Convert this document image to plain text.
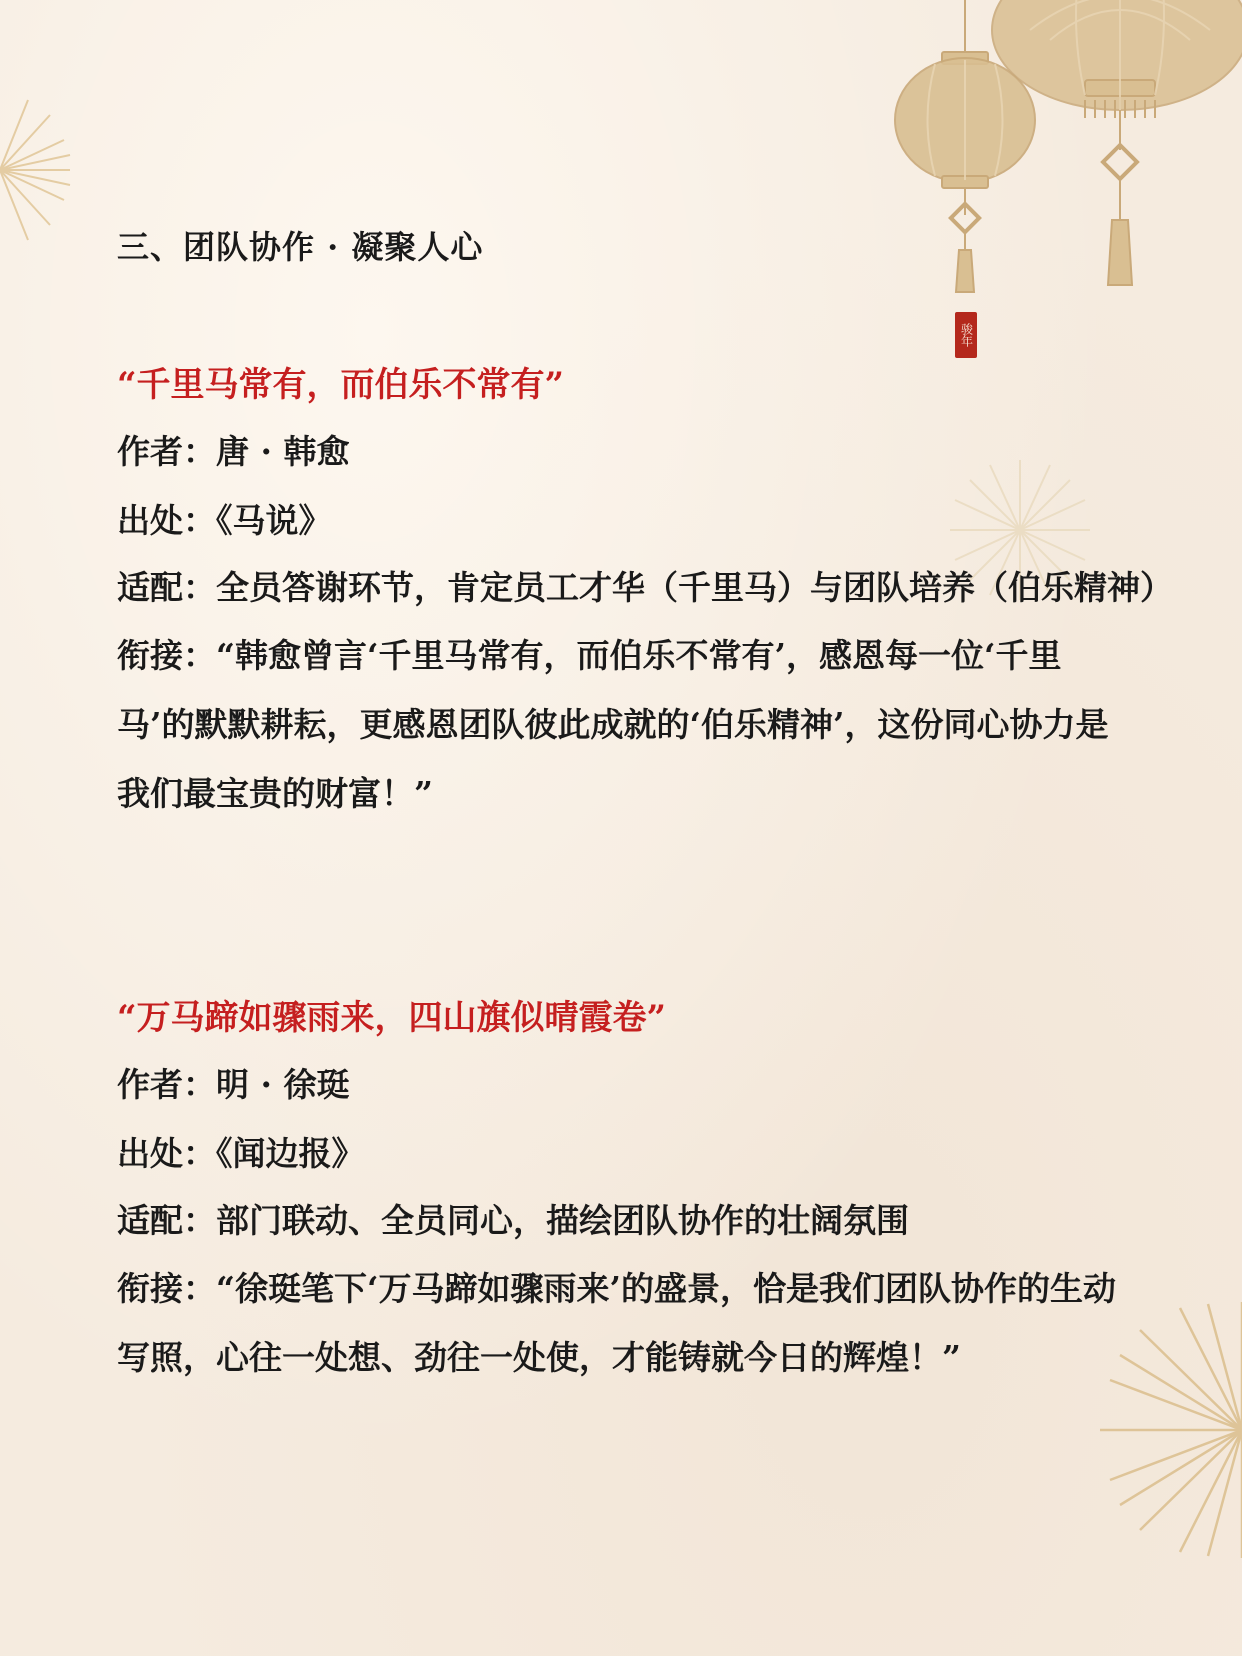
骏年
三、团队协作 · 凝聚人心
“千里马常有，而伯乐不常有”
作者：唐 · 韩愈
出处：《马说》
适配：全员答谢环节，肯定员工才华（千里马）与团队培养（伯乐精神）
衔接：“韩愈曾言‘千里马常有，而伯乐不常有’，感恩每一位‘千里马’的默默耕耘，更感恩团队彼此成就的‘伯乐精神’，这份同心协力是我们最宝贵的财富！”
“万马蹄如骤雨来，四山旗似晴霞卷”
作者：明 · 徐珽
出处：《闻边报》
适配：部门联动、全员同心，描绘团队协作的壮阔氛围
衔接：“徐珽笔下‘万马蹄如骤雨来’的盛景，恰是我们团队协作的生动写照，心往一处想、劲往一处使，才能铸就今日的辉煌！”
